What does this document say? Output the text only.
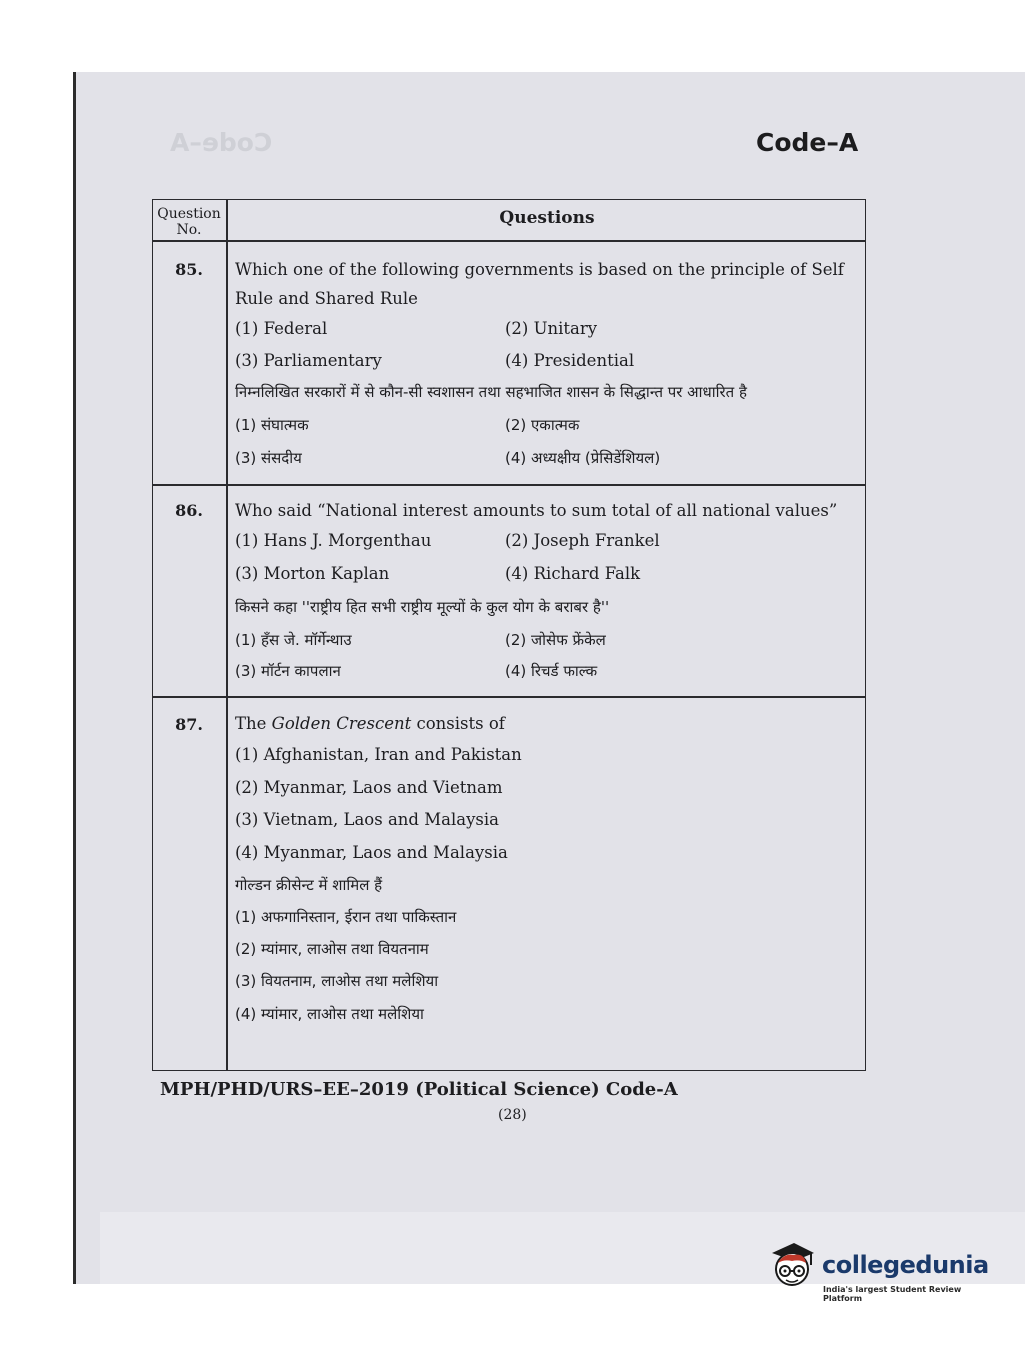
Code–A	Code–A
Question No.
Questions
85.	Which one of the following governments is based on the principle of Self
Rule and Shared Rule
(1) Federal	(2) Unitary
(3) Parliamentary	(4) Presidential
निम्नलिखित सरकारों में से कौन-सी स्वशासन तथा सहभाजित शासन के सिद्धान्त पर आधारित है
(1) संघात्मक	(2) एकात्मक
(3) संसदीय	(4) अध्यक्षीय (प्रेसिडेंशियल)
86.	Who said “National interest amounts to sum total of all national values”
(1) Hans J. Morgenthau	(2) Joseph Frankel
(3) Morton Kaplan	(4) Richard Falk
किसने कहा ''राष्ट्रीय हित सभी राष्ट्रीय मूल्यों के कुल योग के बराबर है''
(1) हँस जे. मॉर्गेन्थाउ	(2) जोसेफ फ्रेंकेल
(3) मॉर्टन कापलान	(4) रिचर्ड फाल्क
87.	The Golden Crescent consists of
(1) Afghanistan, Iran and Pakistan
(2) Myanmar, Laos and Vietnam
(3) Vietnam, Laos and Malaysia
(4) Myanmar, Laos and Malaysia
गोल्डन क्रीसेन्ट में शामिल हैं
(1) अफगानिस्तान, ईरान तथा पाकिस्तान
(2) म्यांमार, लाओस तथा वियतनाम
(3) वियतनाम, लाओस तथा मलेशिया
(4) म्यांमार, लाओस तथा मलेशिया
MPH/PHD/URS–EE–2019 (Political Science) Code-A
(28)
collegedunia
India's largest Student Review Platform
